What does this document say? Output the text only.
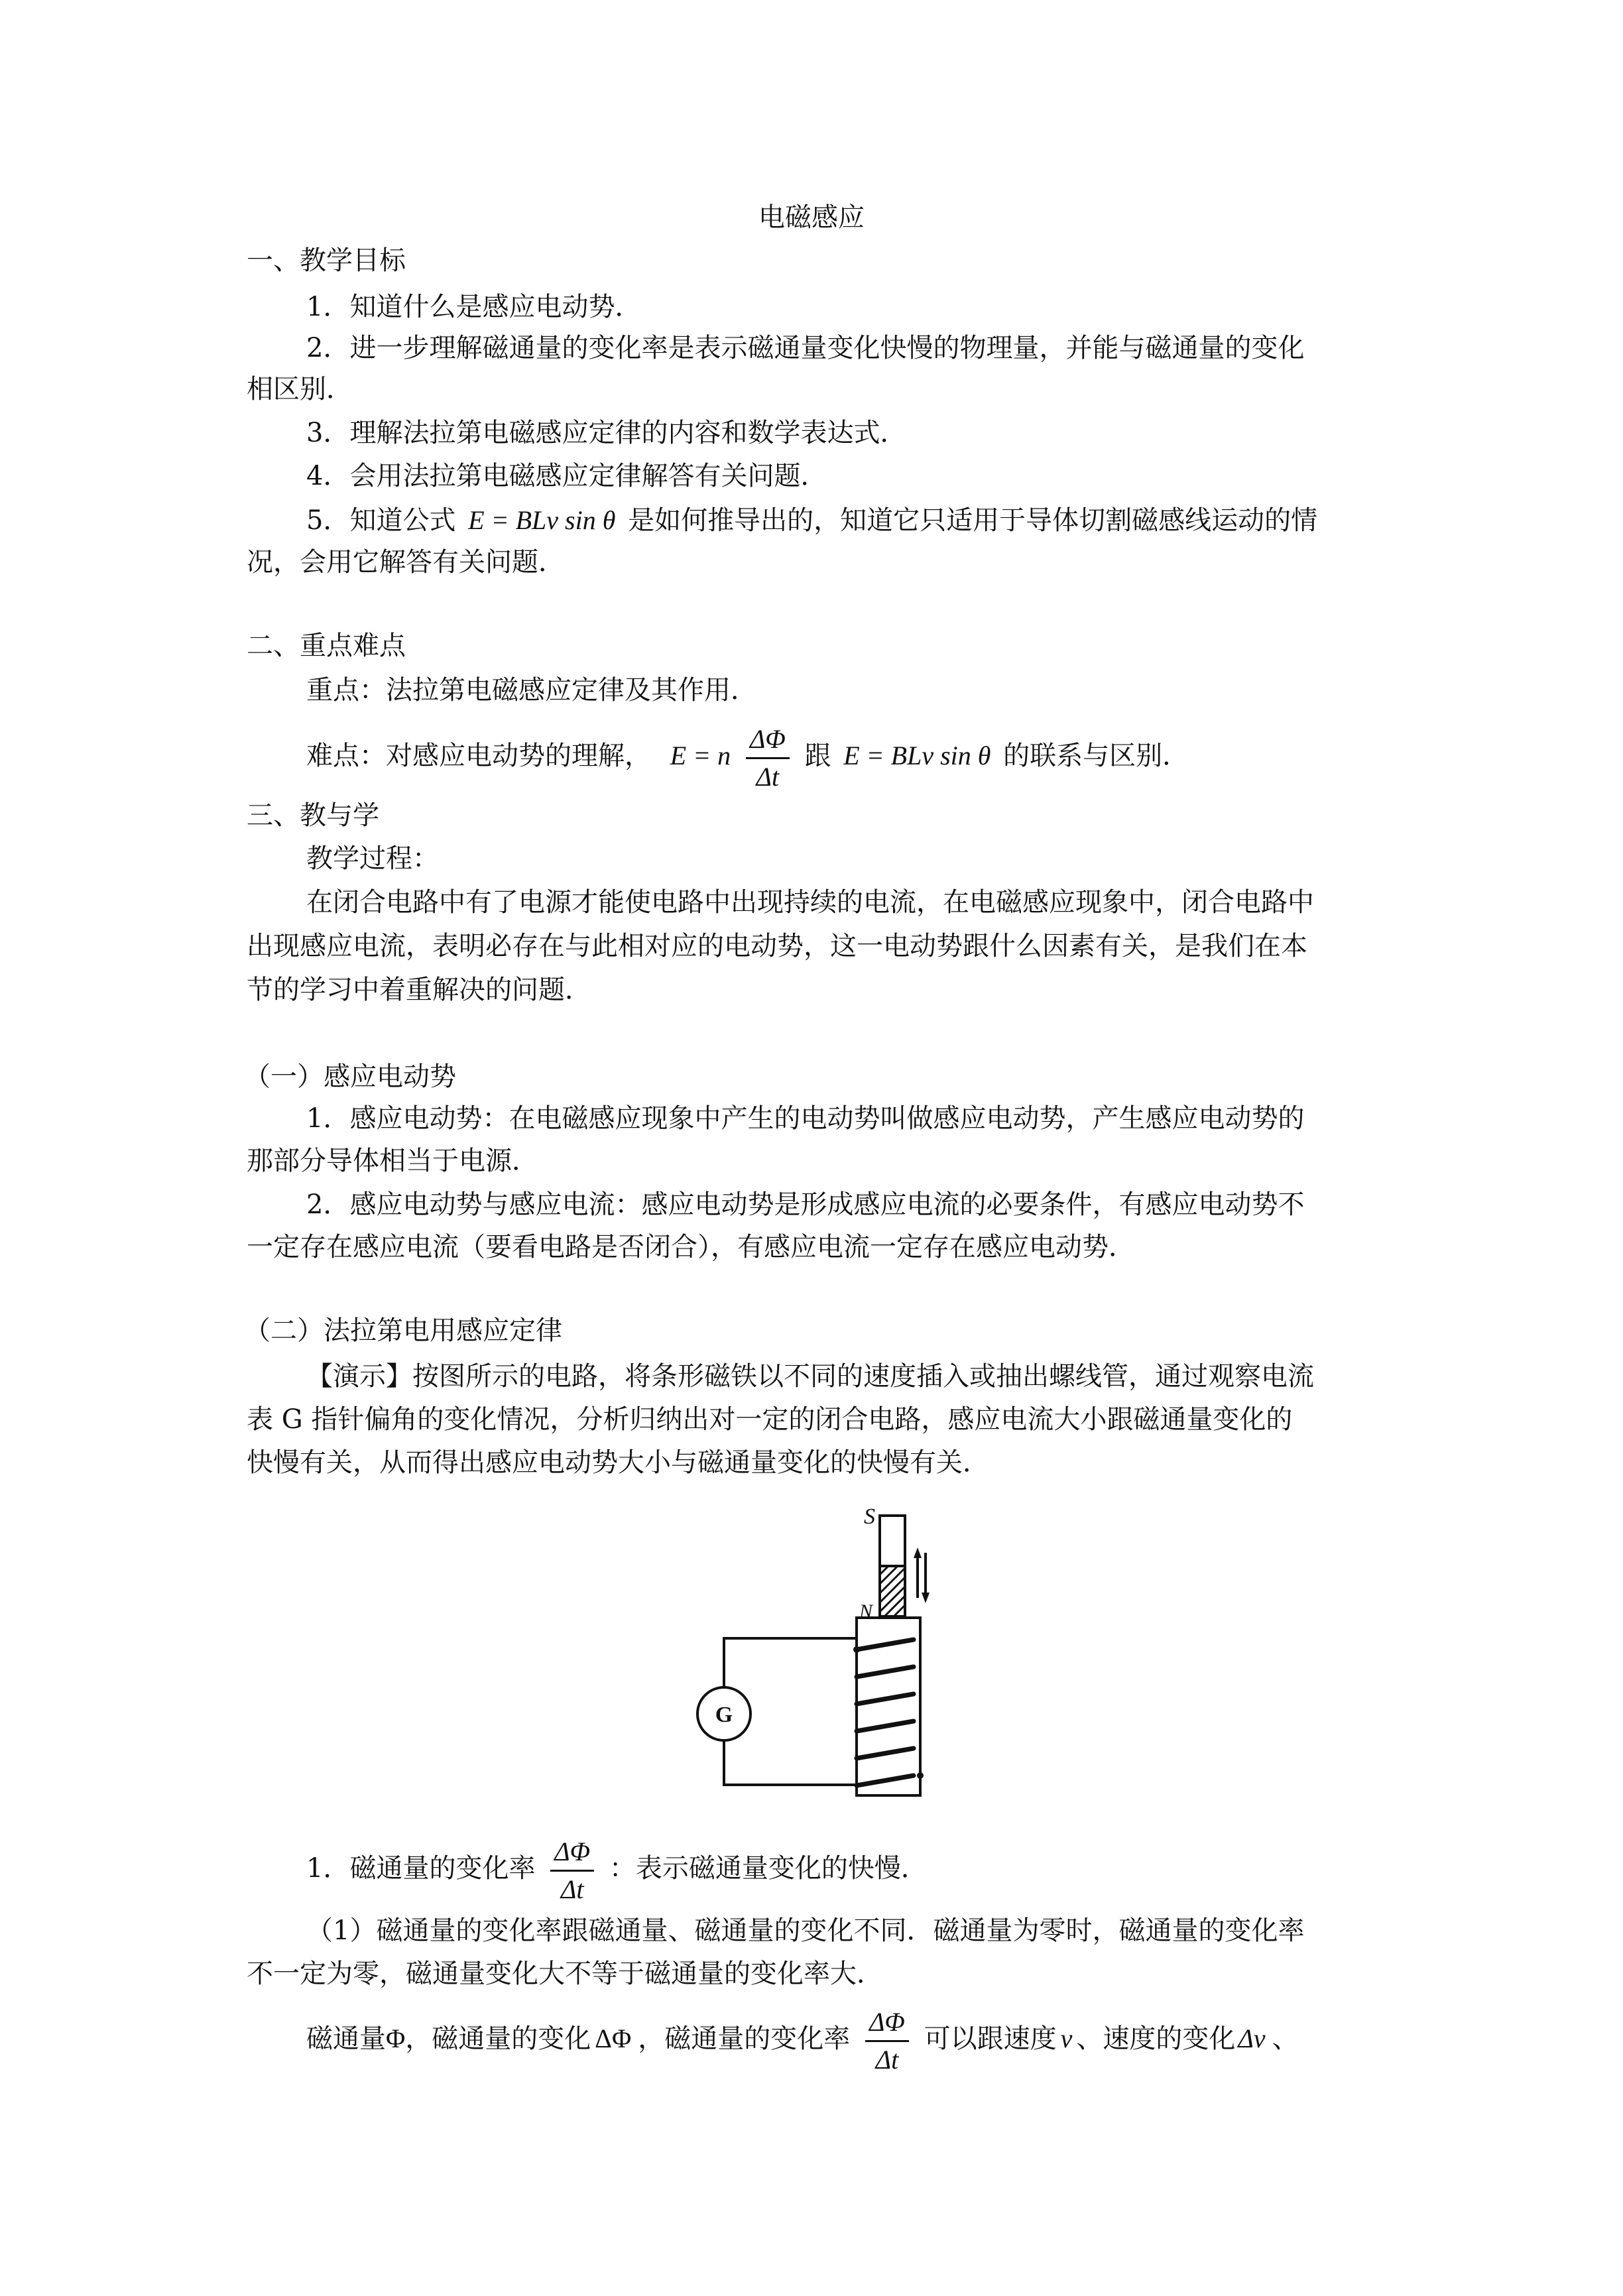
电磁感应
一、教学目标
1．知道什么是感应电动势．
2．进一步理解磁通量的变化率是表示磁通量变化快慢的物理量，并能与磁通量的变化
相区别．
3．理解法拉第电磁感应定律的内容和数学表达式．
4．会用法拉第电磁感应定律解答有关问题．
5．知道公式 E = BLv sin θ 是如何推导出的，知道它只适用于导体切割磁感线运动的情
况，会用它解答有关问题．
二、重点难点
重点：法拉第电磁感应定律及其作用．
难点：对感应电动势的理解， E = n $\frac{\Delta\Phi}{\Delta t}$ 跟 E = BLv sin θ 的联系与区别．
三、教与学
教学过程：
在闭合电路中有了电源才能使电路中出现持续的电流，在电磁感应现象中，闭合电路中
出现感应电流，表明必存在与此相对应的电动势，这一电动势跟什么因素有关，是我们在本
节的学习中着重解决的问题．
（一）感应电动势
1．感应电动势：在电磁感应现象中产生的电动势叫做感应电动势，产生感应电动势的
那部分导体相当于电源．
2．感应电动势与感应电流：感应电动势是形成感应电流的必要条件，有感应电动势不
一定存在感应电流（要看电路是否闭合），有感应电流一定存在感应电动势．
（二）法拉第电用感应定律
【演示】按图所示的电路，将条形磁铁以不同的速度插入或抽出螺线管，通过观察电流
表 G 指针偏角的变化情况，分析归纳出对一定的闭合电路，感应电流大小跟磁通量变化的
快慢有关，从而得出感应电动势大小与磁通量变化的快慢有关．
S
N
G
1．磁通量的变化率 $\frac{\Delta\Phi}{\Delta t}$ ：表示磁通量变化的快慢．
（1）磁通量的变化率跟磁通量、磁通量的变化不同．磁通量为零时，磁通量的变化率
不一定为零，磁通量变化大不等于磁通量的变化率大．
磁通量Φ，磁通量的变化 ΔΦ ，磁通量的变化率 $\frac{\Delta\Phi}{\Delta t}$ 可以跟速度 v 、速度的变化 Δv 、
